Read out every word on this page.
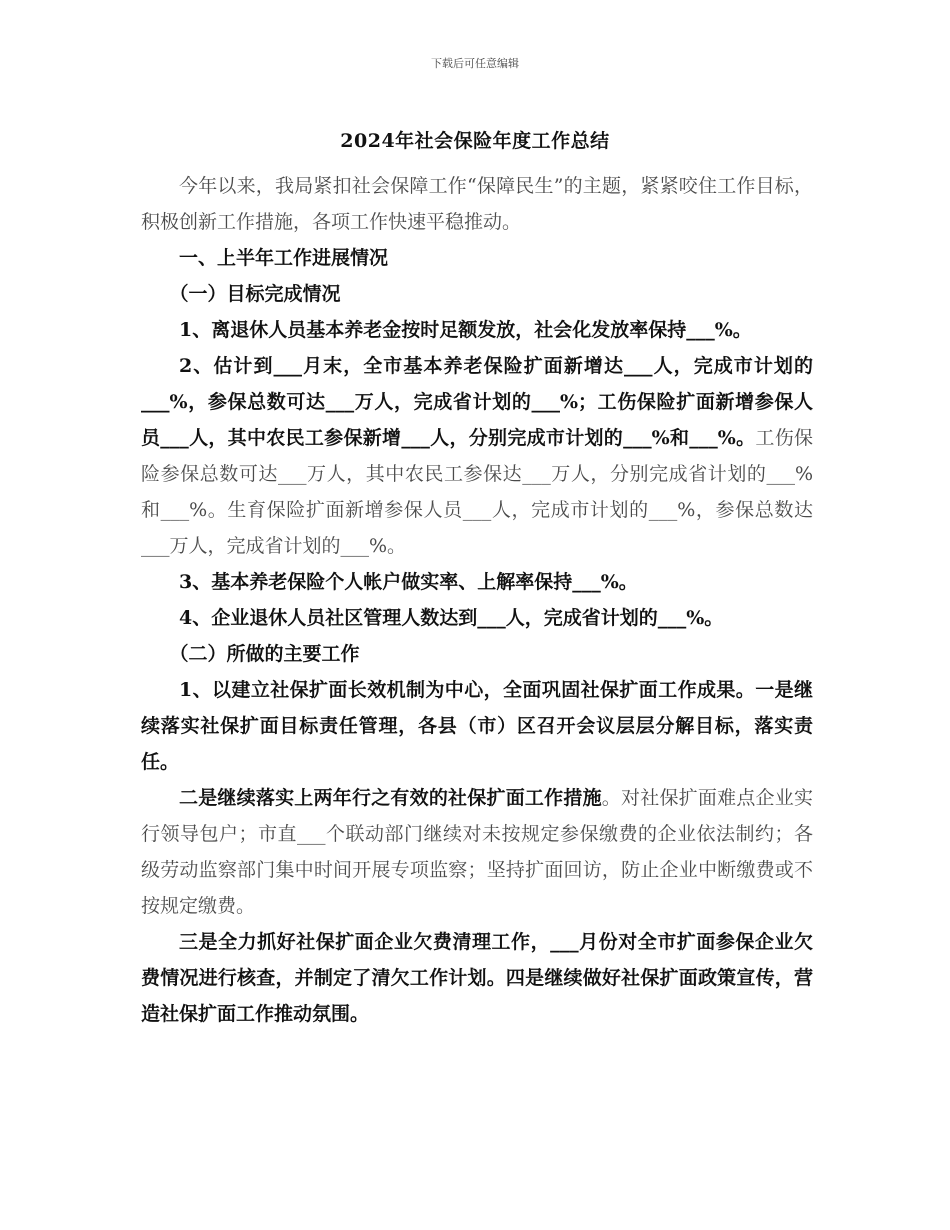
下载后可任意编辑
2024年社会保险年度工作总结

今年以来，我局紧扣社会保障工作“保障民生”的主题，紧紧咬住工作目标，积极创新工作措施，各项工作快速平稳推动。

一、上半年工作进展情况

（一）目标完成情况

1、离退休人员基本养老金按时足额发放，社会化发放率保持___%。

2、估计到___月末，全市基本养老保险扩面新增达___人，完成市计划的___%，参保总数可达___万人，完成省计划的___%；工伤保险扩面新增参保人员___人，其中农民工参保新增___人，分别完成市计划的___%和___%。工伤保险参保总数可达___万人，其中农民工参保达___万人，分别完成省计划的___%和___%。生育保险扩面新增参保人员___人，完成市计划的___%，参保总数达___万人，完成省计划的___%。

3、基本养老保险个人帐户做实率、上解率保持___%。

4、企业退休人员社区管理人数达到___人，完成省计划的___%。

（二）所做的主要工作

1、以建立社保扩面长效机制为中心，全面巩固社保扩面工作成果。一是继续落实社保扩面目标责任管理，各县（市）区召开会议层层分解目标，落实责任。

二是继续落实上两年行之有效的社保扩面工作措施。对社保扩面难点企业实行领导包户；市直___个联动部门继续对未按规定参保缴费的企业依法制约；各级劳动监察部门集中时间开展专项监察；坚持扩面回访，防止企业中断缴费或不按规定缴费。

三是全力抓好社保扩面企业欠费清理工作，___月份对全市扩面参保企业欠费情况进行核查，并制定了清欠工作计划。四是继续做好社保扩面政策宣传，营造社保扩面工作推动氛围。
